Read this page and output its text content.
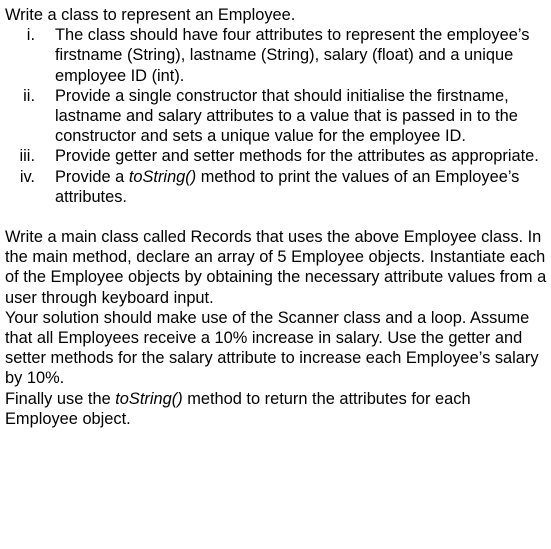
Write a class to represent an Employee.

i. The class should have four attributes to represent the employee’s firstname (String), lastname (String), salary (float) and a unique employee ID (int).
ii. Provide a single constructor that should initialise the firstname, lastname and salary attributes to a value that is passed in to the constructor and sets a unique value for the employee ID.
iii. Provide getter and setter methods for the attributes as appropriate.
iv. Provide a toString() method to print the values of an Employee’s attributes.

Write a main class called Records that uses the above Employee class. In the main method, declare an array of 5 Employee objects. Instantiate each of the Employee objects by obtaining the necessary attribute values from a user through keyboard input.

Your solution should make use of the Scanner class and a loop. Assume that all Employees receive a 10% increase in salary. Use the getter and setter methods for the salary attribute to increase each Employee’s salary by 10%.

Finally use the toString() method to return the attributes for each Employee object.
